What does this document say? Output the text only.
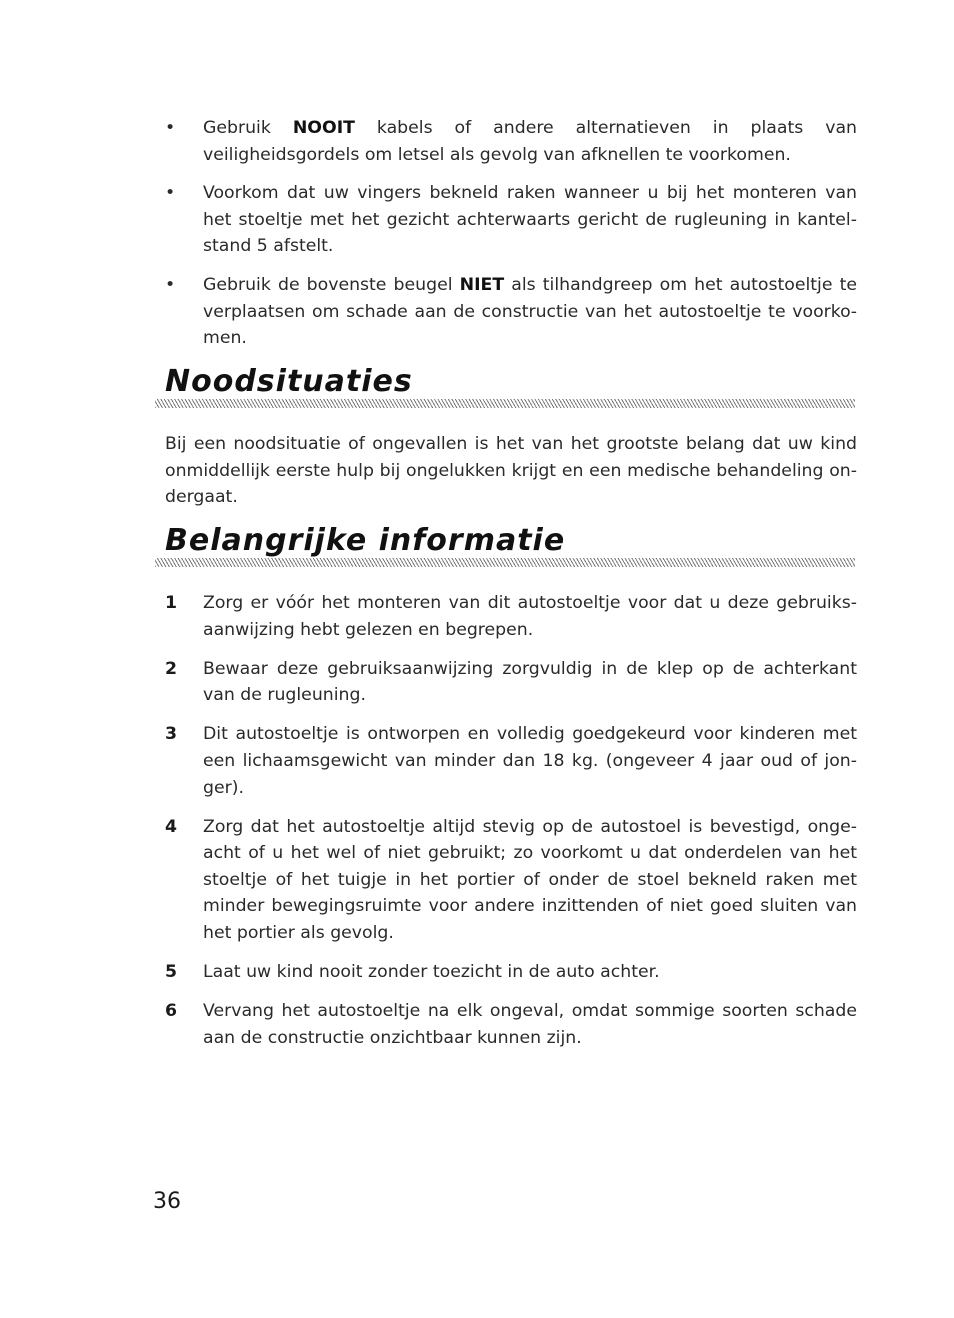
• Gebruik NOOIT kabels of andere alternatieven in plaats van veiligheidsgordels om letsel als gevolg van afknellen te voorkomen.

• Voorkom dat uw vingers bekneld raken wanneer u bij het monteren van het stoeltje met het gezicht achterwaarts gericht de rugleuning in kantelstand 5 afstelt.

• Gebruik de bovenste beugel NIET als tilhandgreep om het autostoeltje te verplaatsen om schade aan de constructie van het autostoeltje te voorkomen.

Noodsituaties

Bij een noodsituatie of ongevallen is het van het grootste belang dat uw kind onmiddellijk eerste hulp bij ongelukken krijgt en een medische behandeling ondergaat.

Belangrijke informatie
1 Zorg er vóór het monteren van dit autostoeltje voor dat u deze gebruiksaanwijzing hebt gelezen en begrepen.

2 Bewaar deze gebruiksaanwijzing zorgvuldig in de klep op de achterkant van de rugleuning.

3 Dit autostoeltje is ontworpen en volledig goedgekeurd voor kinderen met een lichaamsgewicht van minder dan 18 kg. (ongeveer 4 jaar oud of jonger).

4 Zorg dat het autostoeltje altijd stevig op de autostoel is bevestigd, ongeacht of u het wel of niet gebruikt; zo voorkomt u dat onderdelen van het stoeltje of het tuigje in het portier of onder de stoel bekneld raken met minder bewegingsruimte voor andere inzittenden of niet goed sluiten van het portier als gevolg.

5 Laat uw kind nooit zonder toezicht in de auto achter.

6 Vervang het autostoeltje na elk ongeval, omdat sommige soorten schade aan de constructie onzichtbaar kunnen zijn.

36
